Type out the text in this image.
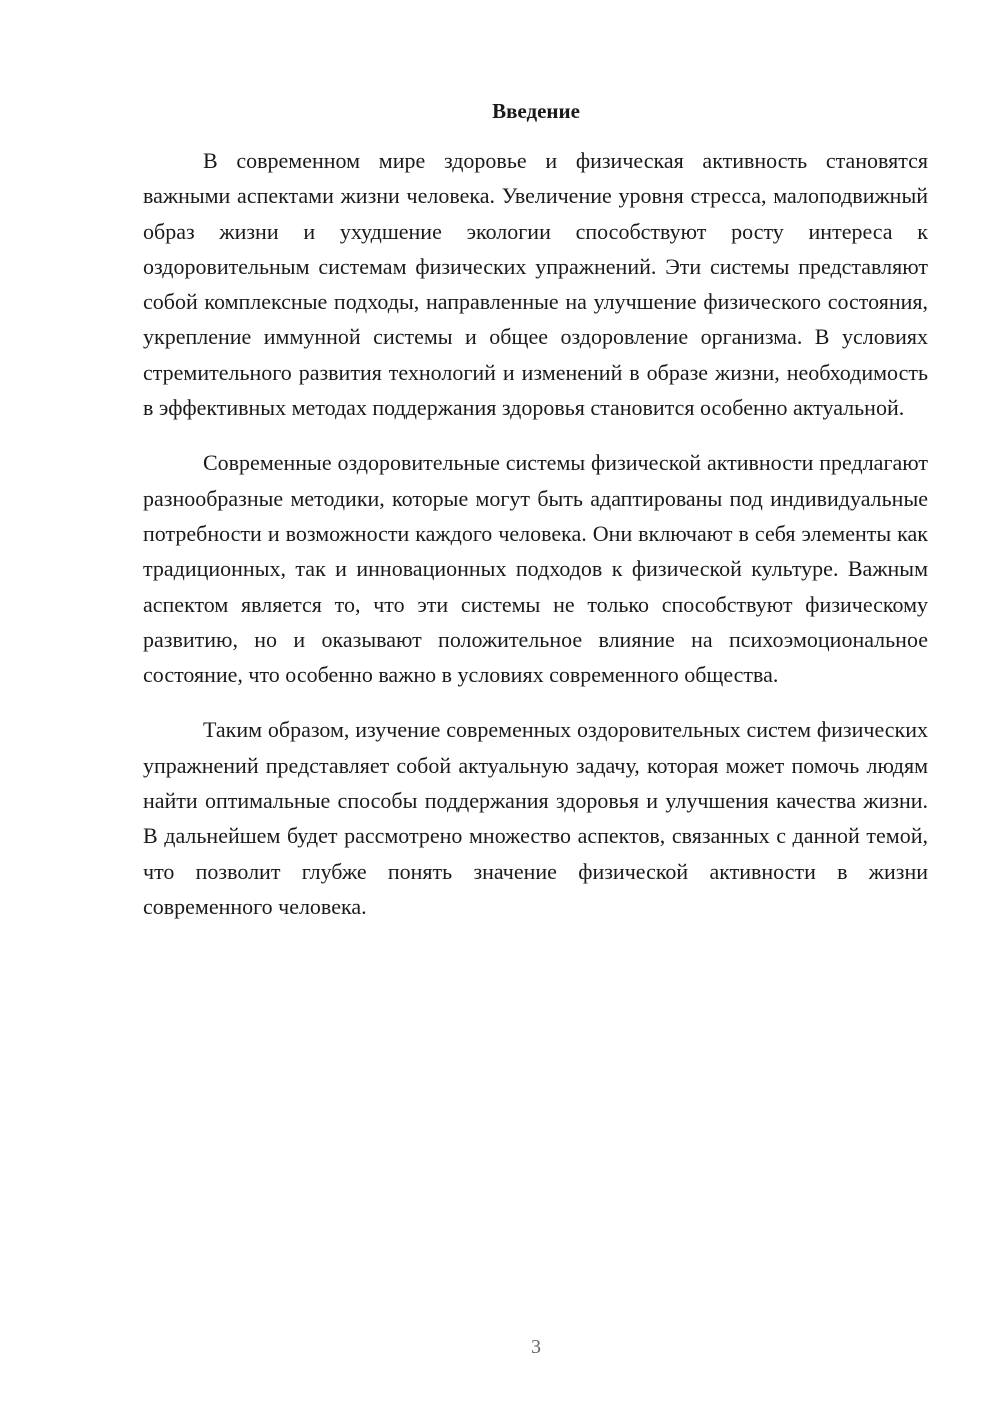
Введение

В современном мире здоровье и физическая активность становятся важными аспектами жизни человека. Увеличение уровня стресса, малоподвижный образ жизни и ухудшение экологии способствуют росту интереса к оздоровительным системам физических упражнений. Эти системы представляют собой комплексные подходы, направленные на улучшение физического состояния, укрепление иммунной системы и общее оздоровление организма. В условиях стремительного развития технологий и изменений в образе жизни, необходимость в эффективных методах поддержания здоровья становится особенно актуальной.

Современные оздоровительные системы физической активности предлагают разнообразные методики, которые могут быть адаптированы под индивидуальные потребности и возможности каждого человека. Они включают в себя элементы как традиционных, так и инновационных подходов к физической культуре. Важным аспектом является то, что эти системы не только способствуют физическому развитию, но и оказывают положительное влияние на психоэмоциональное состояние, что особенно важно в условиях современного общества.

Таким образом, изучение современных оздоровительных систем физических упражнений представляет собой актуальную задачу, которая может помочь людям найти оптимальные способы поддержания здоровья и улучшения качества жизни. В дальнейшем будет рассмотрено множество аспектов, связанных с данной темой, что позволит глубже понять значение физической активности в жизни современного человека.

3
